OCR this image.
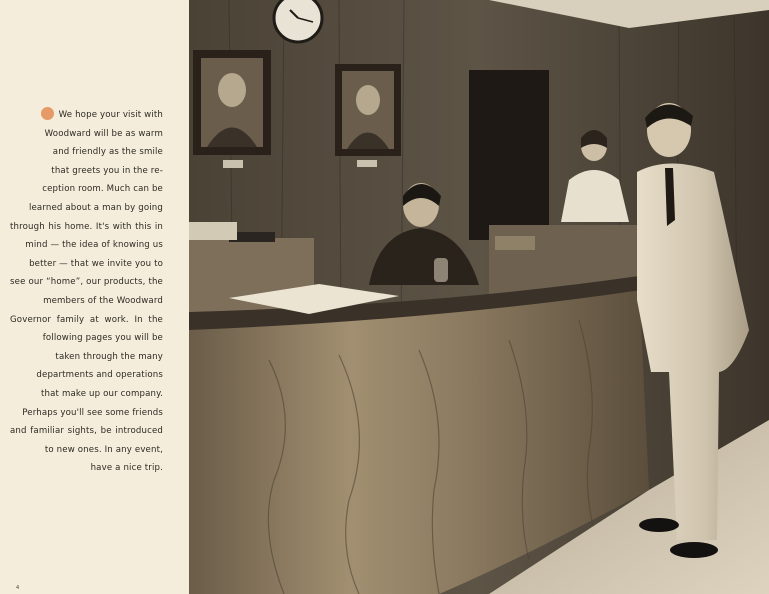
We hope your visit with
Woodward will be as warm
and friendly as the smile
that greets you in the re-
ception room. Much can be
learned about a man by going
through his home. It's with this in
mind — the idea of knowing us
better — that we invite you to
see our “home”, our products, the
members of the Woodward
Governor family at work. In the
following pages you will be
taken through the many
departments and operations
that make up our company.
Perhaps you'll see some friends
and familiar sights, be introduced
to new ones. In any event,
have a nice trip.
4
